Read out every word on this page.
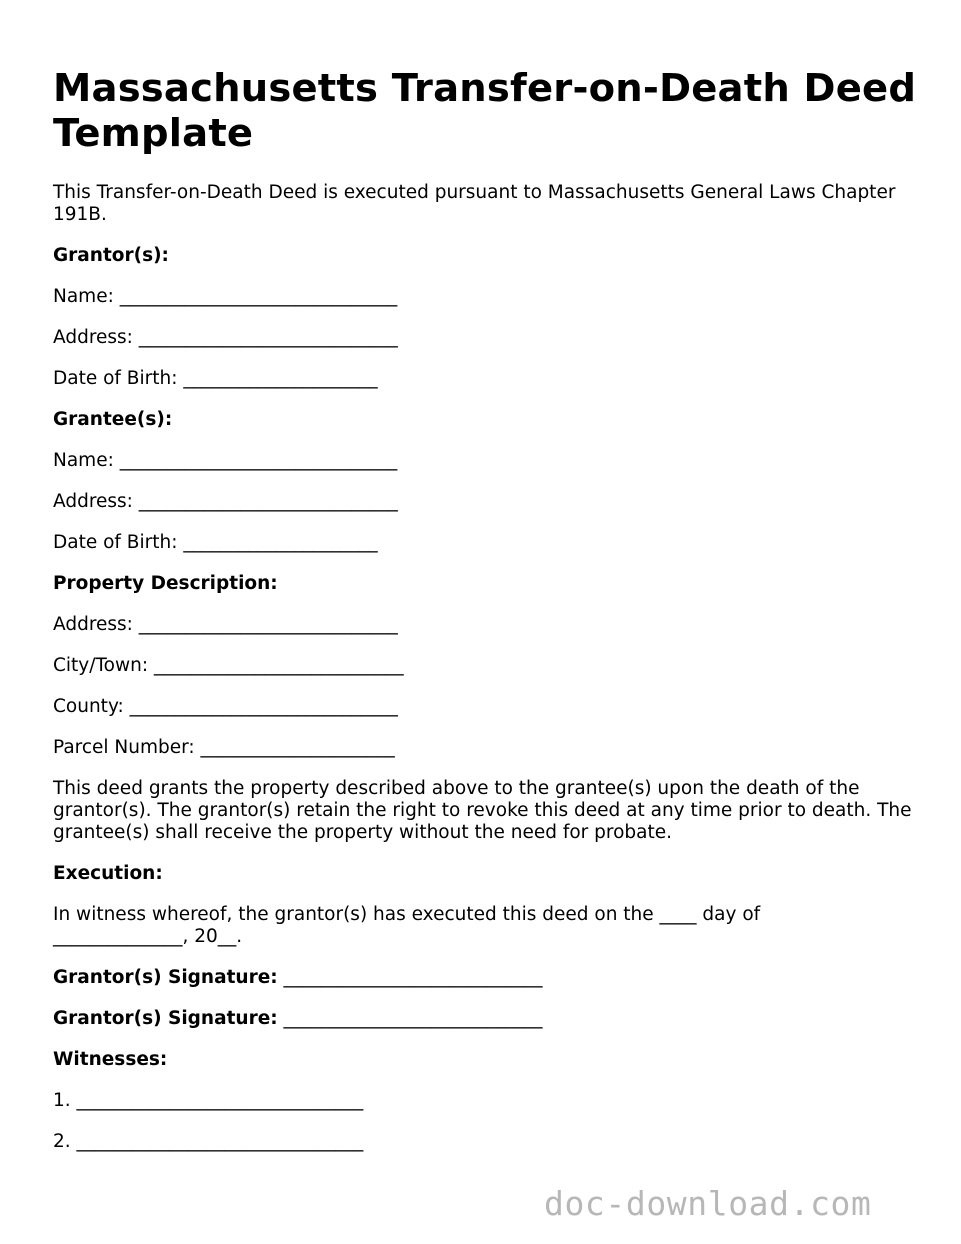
Massachusetts Transfer-on-Death Deed Template

This Transfer-on-Death Deed is executed pursuant to Massachusetts General Laws Chapter 191B.

Grantor(s):

Name: ______________________________

Address: ____________________________

Date of Birth: _____________________

Grantee(s):

Name: ______________________________

Address: ____________________________

Date of Birth: _____________________

Property Description:

Address: ____________________________

City/Town: ___________________________

County: _____________________________

Parcel Number: _____________________

This deed grants the property described above to the grantee(s) upon the death of the grantor(s). The grantor(s) retain the right to revoke this deed at any time prior to death. The grantee(s) shall receive the property without the need for probate.

Execution:

In witness whereof, the grantor(s) has executed this deed on the ____ day of

______________, 20__.

Grantor(s) Signature: ____________________________

Grantor(s) Signature: ____________________________

Witnesses:

1. _______________________________

2. _______________________________

doc-download.com
